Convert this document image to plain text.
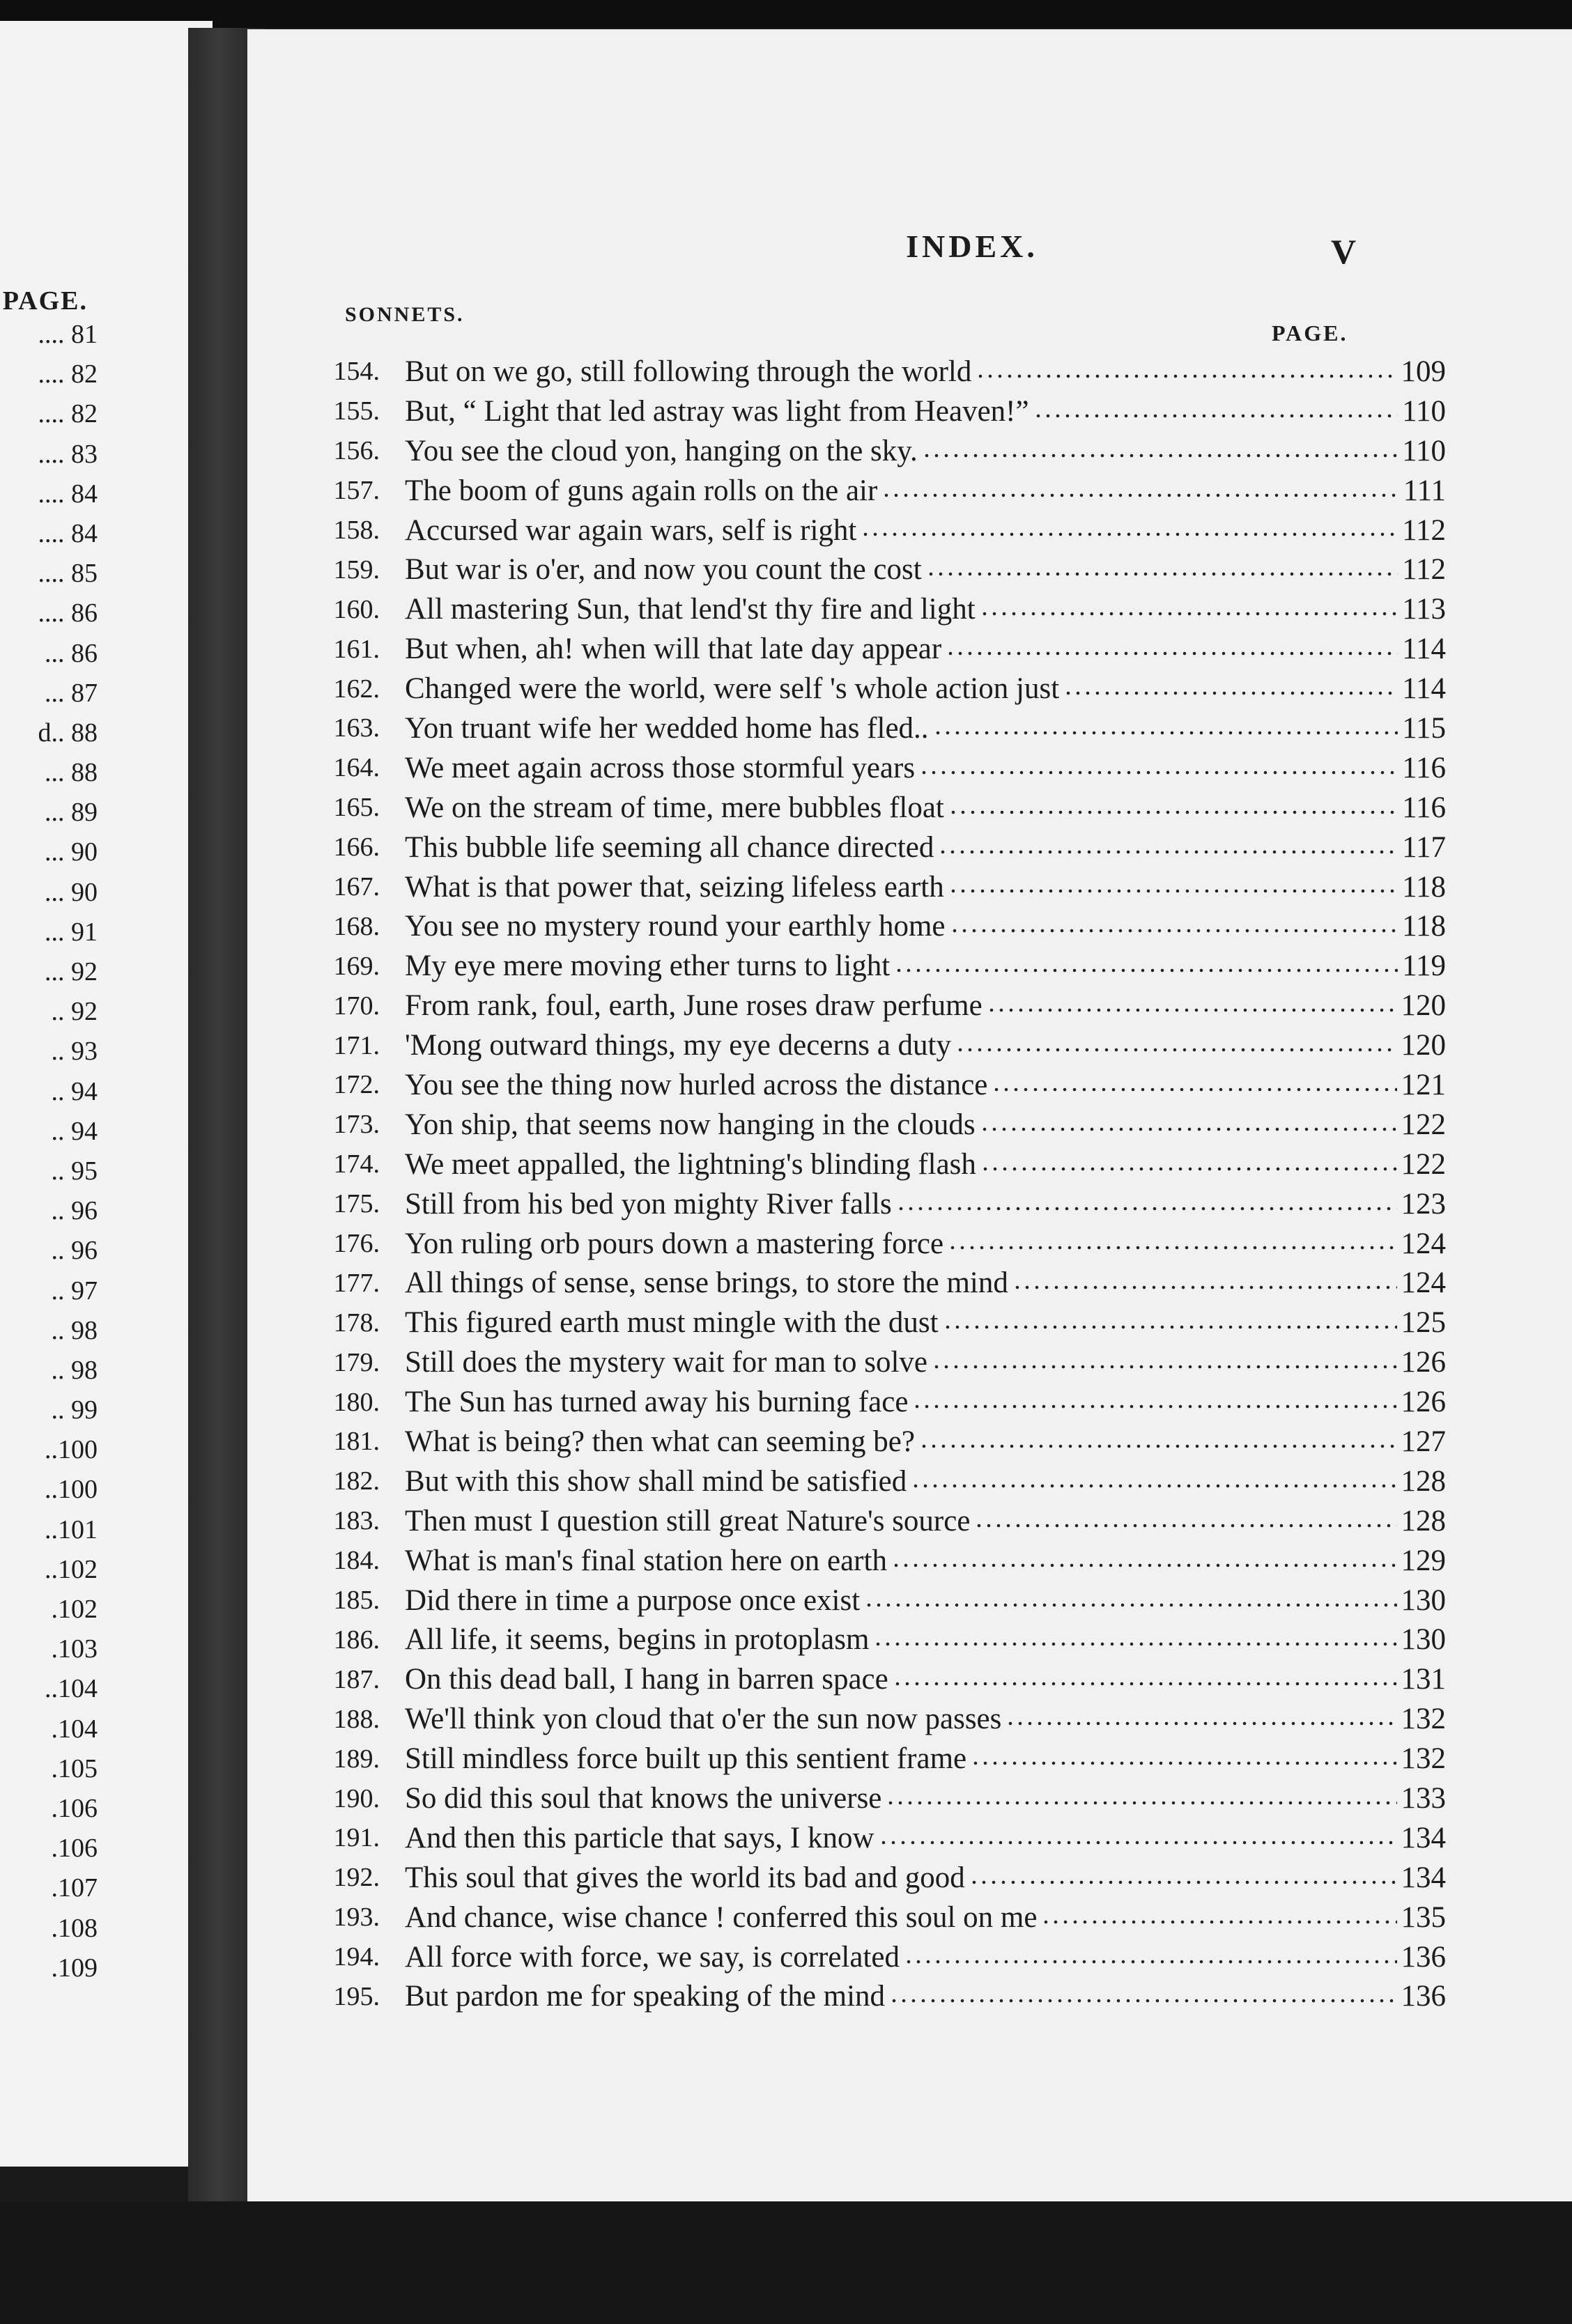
PAGE.
.... 81
.... 82
.... 82
.... 83
.... 84
.... 84
.... 85
.... 86
... 86
... 87
d.. 88
... 88
... 89
... 90
... 90
... 91
... 92
.. 92
.. 93
.. 94
.. 94
.. 95
.. 96
.. 96
.. 97
.. 98
.. 98
.. 99
..100
..100
..101
..102
.102
.103
..104
.104
.105
.106
.106
.107
.108
.109
INDEX.	V
SONNETS.
PAGE.
154. But on we go, still following through the world	109
155. But, “ Light that led astray was light from Heaven!”	110
156. You see the cloud yon, hanging on the sky.	110
157. The boom of guns again rolls on the air	111
158. Accursed war again wars, self is right	112
159. But war is o'er, and now you count the cost	112
160. All mastering Sun, that lend'st thy fire and light	113
161. But when, ah! when will that late day appear	114
162. Changed were the world, were self 's whole action just	114
163. Yon truant wife her wedded home has fled..	115
164. We meet again across those stormful years	116
165. We on the stream of time, mere bubbles float	116
166. This bubble life seeming all chance directed	117
167. What is that power that, seizing lifeless earth	118
168. You see no mystery round your earthly home	118
169. My eye mere moving ether turns to light	119
170. From rank, foul, earth, June roses draw perfume	120
171. 'Mong outward things, my eye decerns a duty	120
172. You see the thing now hurled across the distance	121
173. Yon ship, that seems now hanging in the clouds	122
174. We meet appalled, the lightning's blinding flash	122
175. Still from his bed yon mighty River falls	123
176. Yon ruling orb pours down a mastering force	124
177. All things of sense, sense brings, to store the mind	124
178. This figured earth must mingle with the dust	125
179. Still does the mystery wait for man to solve	126
180. The Sun has turned away his burning face	126
181. What is being? then what can seeming be?	127
182. But with this show shall mind be satisfied	128
183. Then must I question still great Nature's source	128
184. What is man's final station here on earth	129
185. Did there in time a purpose once exist	130
186. All life, it seems, begins in protoplasm	130
187. On this dead ball, I hang in barren space	131
188. We'll think yon cloud that o'er the sun now passes	132
189. Still mindless force built up this sentient frame	132
190. So did this soul that knows the universe	133
191. And then this particle that says, I know	134
192. This soul that gives the world its bad and good	134
193. And chance, wise chance ! conferred this soul on me	135
194. All force with force, we say, is correlated	136
195. But pardon me for speaking of the mind	136
